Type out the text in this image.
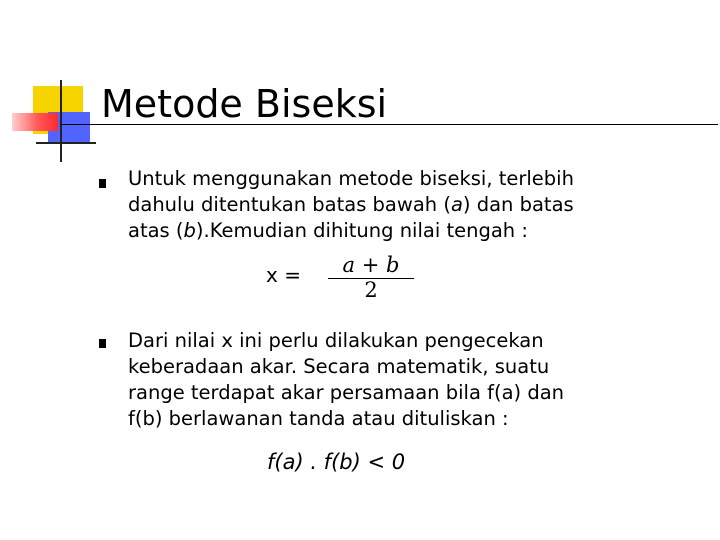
Metode Biseksi
Untuk menggunakan metode biseksi, terlebih
dahulu ditentukan batas bawah (a) dan batas
atas (b).Kemudian dihitung nilai tengah :
x =	a + b
2
Dari nilai x ini perlu dilakukan pengecekan
keberadaan akar. Secara matematik, suatu
range terdapat akar persamaan bila f(a) dan
f(b) berlawanan tanda atau dituliskan :
f(a) . f(b) < 0
